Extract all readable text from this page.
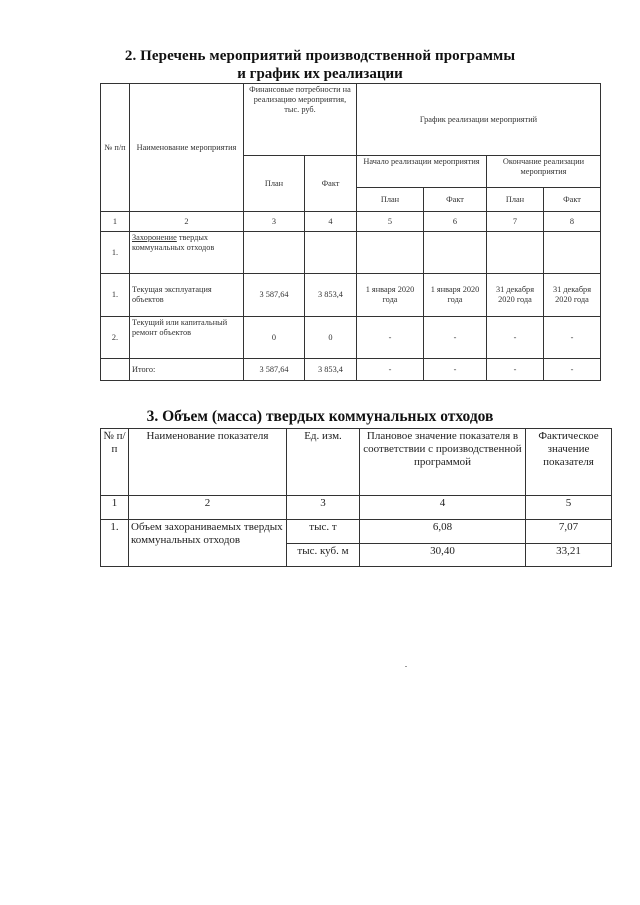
2. Перечень мероприятий производственной программы
и график их реализации
№ п/п	Наименование мероприятия	Финансовые потребности на реализацию мероприятия, тыс. руб.		График реализации мероприятий			
		План	Факт	Начало реализации мероприятия		Окончание реализации мероприятия	
				План	Факт	План	Факт
1	2	3	4	5	6	7	8
1.	Захоронение твердых коммунальных отходов						
1.	Текущая эксплуатация объектов	3 587,64	3 853,4	1 января 2020 года	1 января 2020 года	31 декабря 2020 года	31 декабря 2020 года
2.	Текущий или капитальный ремонт объектов	0	0	-	-	-	-
	Итого:	3 587,64	3 853,4	-	-	-	-
3. Объем (масса) твердых коммунальных отходов
№ п/п	Наименование показателя	Ед. изм.	Плановое значение показателя в соответствии с производственной программой	Фактическое значение показателя
1	2	3	4	5
1.	Объем захораниваемых твердых коммунальных отходов	тыс. т	6,08	7,07
		тыс. куб. м	30,40	33,21
